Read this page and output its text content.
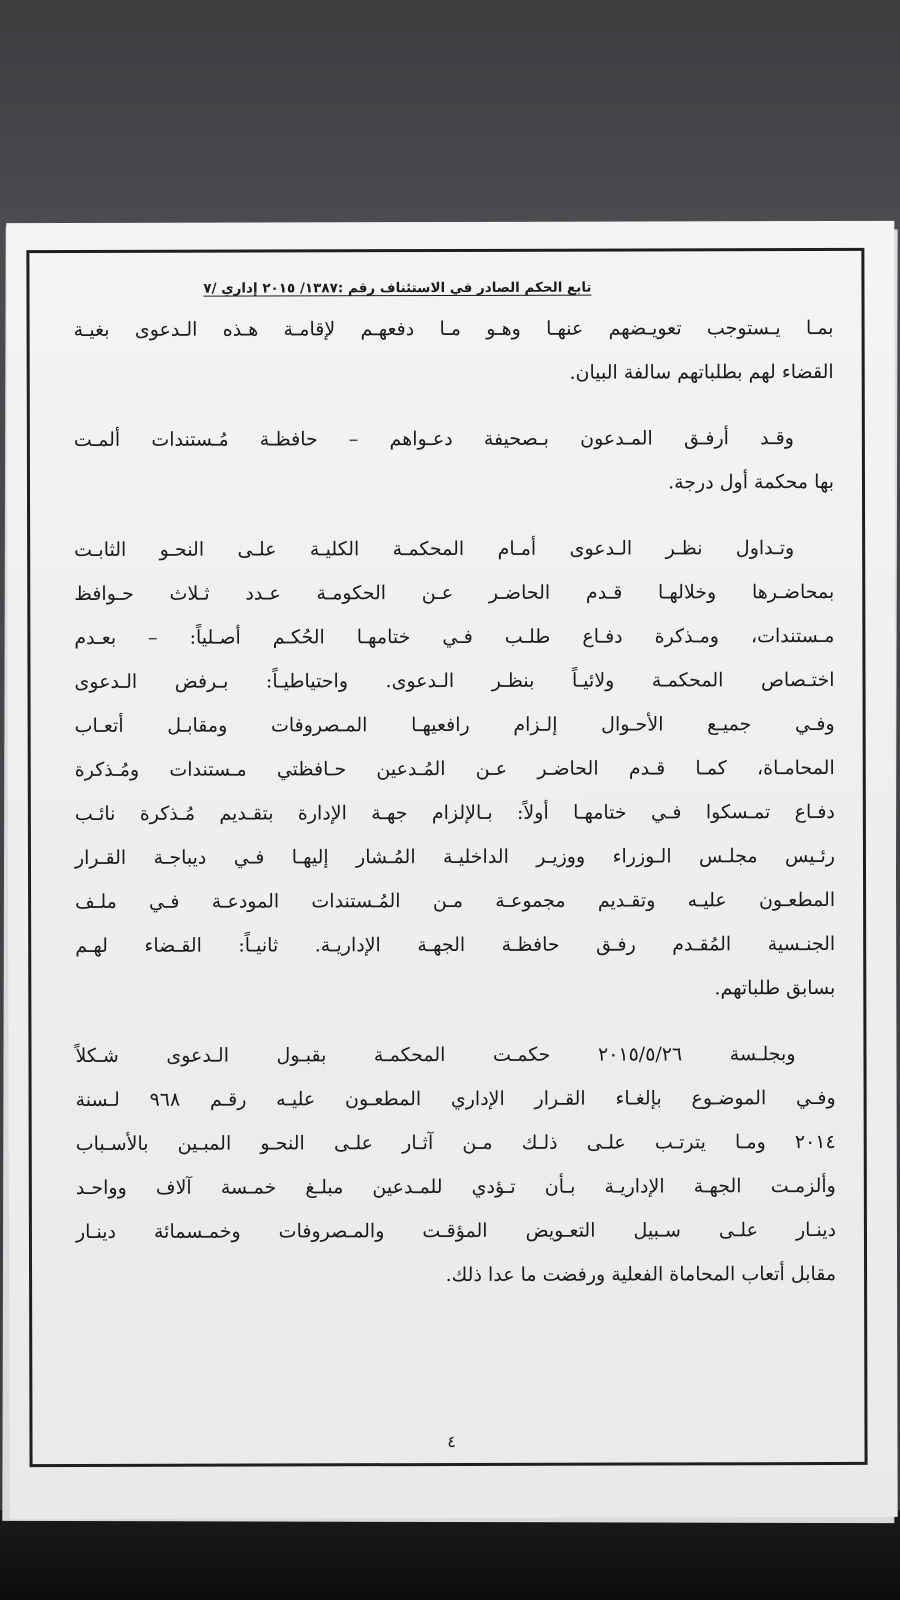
تابع الحكم الصادر في الاستئناف رقم :١٣٨٧/ ٢٠١٥ إداري /٧
بمـا يـستوجب تعويـضهم عنهـا وهـو مـا دفعهـم لإقامـة هـذه الـدعوى بغيـة
القضاء لهم بطلباتهم سالفة البيان.
وقـد أرفـق المـدعون بـصحيفة دعـواهم – حافظـة مُـستندات ألمـت
بها محكمة أول درجة.
وتـداول نظـر الـدعوى أمـام المحكمـة الكليـة علـى النحـو الثابـت
بمحاضـرها وخلالهـا قـدم الحاضـر عـن الحكومـة عـدد ثـلاث حـوافظ
مـستندات، ومـذكرة دفـاع طلـب فـي ختامهـا الحُكـم أصـلياً: – بعـدم
اختـصاص المحكمـة ولائيـاً بنظـر الـدعوى. واحتياطيـاً: بـرفض الـدعوى
وفـي جميـع الأحـوال إلـزام رافعيهـا المـصروفات ومقابـل أتعـاب
المحامـاة، كمـا قـدم الحاضـر عـن المُـدعين حـافظتي مـستندات ومُـذكرة
دفـاع تمـسكوا فـي ختامهـا أولاً: بـالإلزام جهـة الإدارة بتقـديم مُـذكرة نائـب
رئـيس مجلـس الـوزراء ووزيـر الداخليـة المُـشار إليهـا فـي ديباجـة القـرار
المطعـون عليـه وتقـديم مجموعـة مـن المُـستندات المودعـة فـي ملـف
الجنـسية المُقـدم رفـق حافظـة الجهـة الإداريـة. ثانيـاً: القـضاء لهـم
بسابق طلباتهم.
وبجلـسة ٢٠١٥/٥/٢٦ حكمـت المحكمـة بقبـول الـدعوى شـكلاً
وفـي الموضـوع بإلغـاء القـرار الإداري المطعـون عليـه رقـم ٩٦٨ لـسنة
٢٠١٤ ومـا يترتـب علـى ذلـك مـن آثـار علـى النحـو المبـين بالأسـباب
وألزمـت الجهـة الإداريـة بـأن تـؤدي للمـدعين مبلـغ خمـسة آلاف وواحـد
دينـار علـى سـبيل التعـويض المؤقـت والمـصروفات وخمـسمائة دينـار
مقابل أتعاب المحاماة الفعلية ورفضت ما عدا ذلك.
٤
